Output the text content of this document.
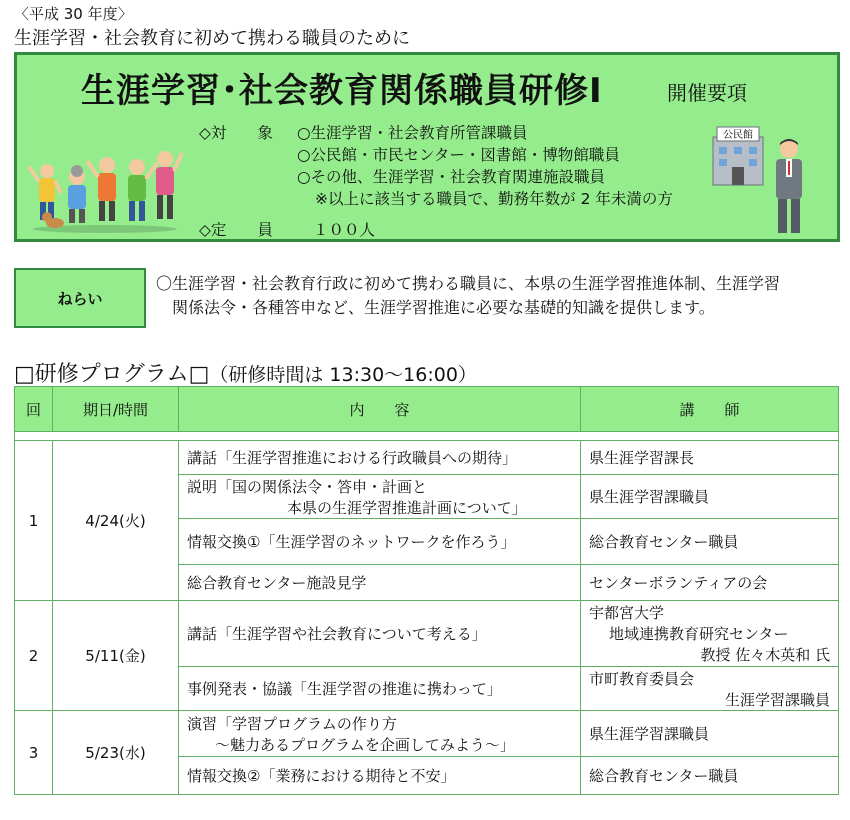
〈平成 30 年度〉
生涯学習・社会教育に初めて携わる職員のために
生涯学習･社会教育関係職員研修Ⅰ	開催要項
◇対　　象 ○生涯学習・社会教育所管課職員
○公民館・市民センター・図書館・博物館職員
○その他、生涯学習・社会教育関連施設職員
※以上に該当する職員で、勤務年数が 2 年未満の方
◇定　　員	１００人
公民館
ねらい
〇生涯学習・社会教育行政に初めて携わる職員に、本県の生涯学習推進体制、生涯学習
　関係法令・各種答申など、生涯学習推進に必要な基礎的知識を提供します。
□研修プログラム□（研修時間は 13:30～16:00）
回	期日/時間	内　　容	講　　師

1	4/24(火)	講話「生涯学習推進における行政職員への期待」	県生涯学習課長

		説明「国の関係法令・答申・計画と
本県の生涯学習推進計画について」	県生涯学習課職員

		情報交換①「生涯学習のネットワークを作ろう」	総合教育センター職員

		総合教育センター施設見学	センターボランティアの会

2	5/11(金)	講話「生涯学習や社会教育について考える」	宇都宮大学
地域連携教育研究センター
教授 佐々木英和 氏

		事例発表・協議「生涯学習の推進に携わって」	市町教育委員会
生涯学習課職員

3	5/23(水)	演習「学習プログラムの作り方
～魅力あるプログラムを企画してみよう～」	県生涯学習課職員

		情報交換②「業務における期待と不安」	総合教育センター職員
